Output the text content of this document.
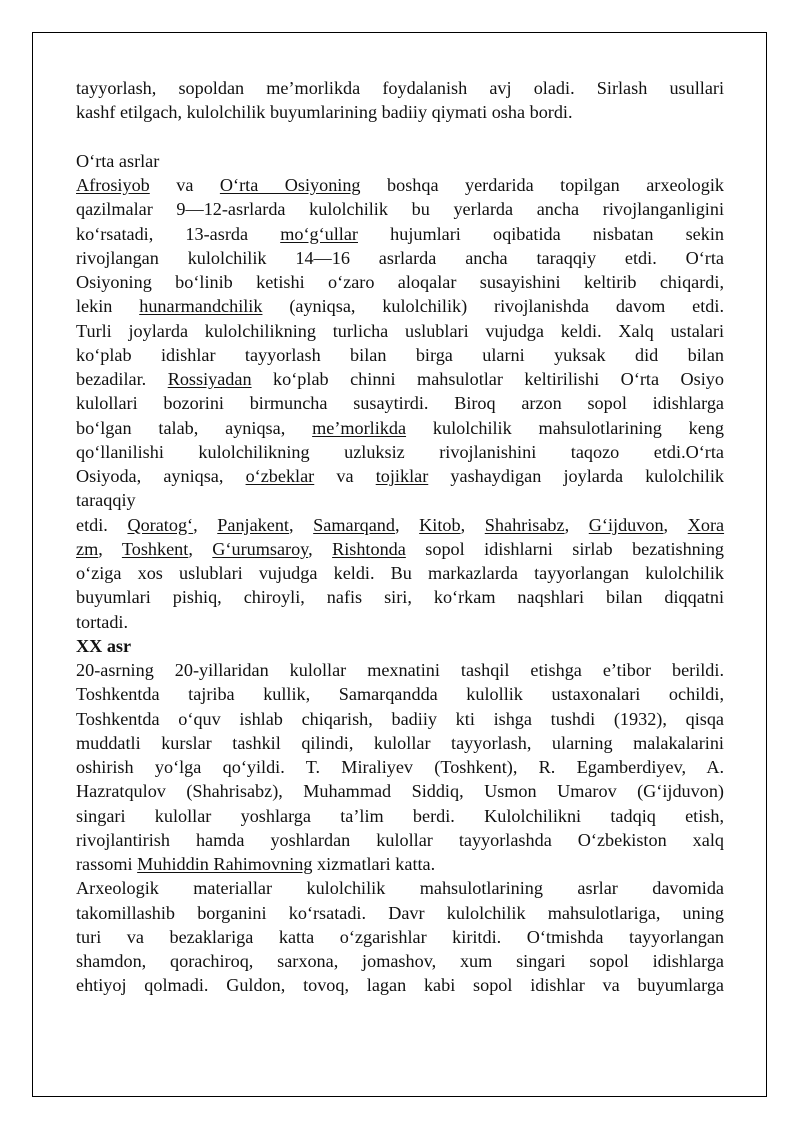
tayyorlash, sopoldan me’morlikda foydalanish avj oladi. Sirlash usullari
kashf etilgach, kulolchilik buyumlarining badiiy qiymati osha bordi.
O‘rta asrlar
Afrosiyob va O‘rta Osiyoning boshqa yerdarida topilgan arxeologik
qazilmalar 9—12-asrlarda kulolchilik bu yerlarda ancha rivojlanganligini
ko‘rsatadi, 13-asrda mo‘g‘ullar hujumlari oqibatida nisbatan sekin
rivojlangan kulolchilik 14—16 asrlarda ancha taraqqiy etdi. O‘rta
Osiyoning bo‘linib ketishi o‘zaro aloqalar susayishini keltirib chiqardi,
lekin hunarmandchilik (ayniqsa, kulolchilik) rivojlanishda davom etdi.
Turli joylarda kulolchilikning turlicha uslublari vujudga keldi. Xalq ustalari
ko‘plab idishlar tayyorlash bilan birga ularni yuksak did bilan
bezadilar. Rossiyadan ko‘plab chinni mahsulotlar keltirilishi O‘rta Osiyo
kulollari bozorini birmuncha susaytirdi. Biroq arzon sopol idishlarga
bo‘lgan talab, ayniqsa, me’morlikda kulolchilik mahsulotlarining keng
qo‘llanilishi kulolchilikning uzluksiz rivojlanishini taqozo etdi.O‘rta
Osiyoda, ayniqsa, o‘zbeklar va tojiklar yashaydigan joylarda kulolchilik
taraqqiy
etdi. Qoratog‘, Panjakent, Samarqand, Kitob, Shahrisabz, G‘ijduvon, Xora
zm, Toshkent, G‘urumsaroy, Rishtonda sopol idishlarni sirlab bezatishning
o‘ziga xos uslublari vujudga keldi. Bu markazlarda tayyorlangan kulolchilik
buyumlari pishiq, chiroyli, nafis siri, ko‘rkam naqshlari bilan diqqatni
tortadi.
XX asr
20-asrning 20-yillaridan kulollar mexnatini tashqil etishga e’tibor berildi.
Toshkentda tajriba kullik, Samarqandda kulollik ustaxonalari ochildi,
Toshkentda o‘quv ishlab chiqarish, badiiy kti ishga tushdi (1932), qisqa
muddatli kurslar tashkil qilindi, kulollar tayyorlash, ularning malakalarini
oshirish yo‘lga qo‘yildi. T. Miraliyev (Toshkent), R. Egamberdiyev, A.
Hazratqulov (Shahrisabz), Muhammad Siddiq, Usmon Umarov (G‘ijduvon)
singari kulollar yoshlarga ta’lim berdi. Kulolchilikni tadqiq etish,
rivojlantirish hamda yoshlardan kulollar tayyorlashda O‘zbekiston xalq
rassomi Muhiddin Rahimovning xizmatlari katta.
Arxeologik materiallar kulolchilik mahsulotlarining asrlar davomida
takomillashib borganini ko‘rsatadi. Davr kulolchilik mahsulotlariga, uning
turi va bezaklariga katta o‘zgarishlar kiritdi. O‘tmishda tayyorlangan
shamdon, qorachiroq, sarxona, jomashov, xum singari sopol idishlarga
ehtiyoj qolmadi. Guldon, tovoq, lagan kabi sopol idishlar va buyumlarga
